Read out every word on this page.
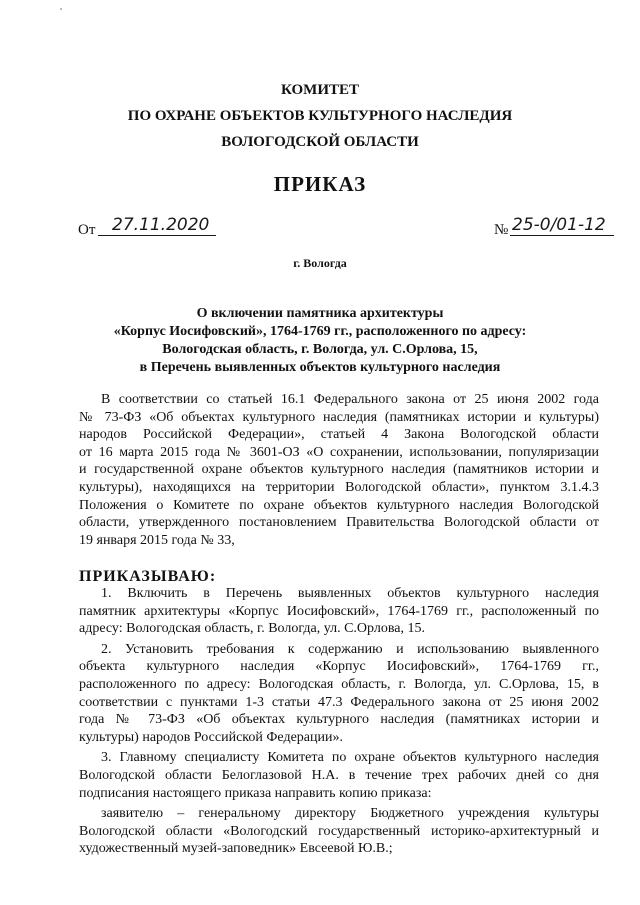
КОМИТЕТ
ПО ОХРАНЕ ОБЪЕКТОВ КУЛЬТУРНОГО НАСЛЕДИЯ
ВОЛОГОДСКОЙ ОБЛАСТИ
ПРИКАЗ
От 27.11.2020	№ 25-0/01-12
г. Вологда
О включении памятника архитектуры
«Корпус Иосифовский», 1764-1769 гг., расположенного по адресу:
Вологодская область, г. Вологда, ул. С.Орлова, 15,
в Перечень выявленных объектов культурного наследия
В соответствии со статьей 16.1 Федерального закона от 25 июня 2002 года
№ 73-ФЗ «Об объектах культурного наследия (памятниках истории и культуры)
народов Российской Федерации», статьей 4 Закона Вологодской области
от 16 марта 2015 года № 3601-ОЗ «О сохранении, использовании, популяризации
и государственной охране объектов культурного наследия (памятников истории и
культуры), находящихся на территории Вологодской области», пунктом 3.1.4.3
Положения о Комитете по охране объектов культурного наследия Вологодской
области, утвержденного постановлением Правительства Вологодской области от
19 января 2015 года № 33,
ПРИКАЗЫВАЮ:
1. Включить в Перечень выявленных объектов культурного наследия
памятник архитектуры «Корпус Иосифовский», 1764-1769 гг., расположенный по
адресу: Вологодская область, г. Вологда, ул. С.Орлова, 15.
2. Установить требования к содержанию и использованию выявленного
объекта культурного наследия «Корпус Иосифовский», 1764-1769 гг.,
расположенного по адресу: Вологодская область, г. Вологда, ул. С.Орлова, 15, в
соответствии с пунктами 1-3 статьи 47.3 Федерального закона от 25 июня 2002
года № 73-ФЗ «Об объектах культурного наследия (памятниках истории и
культуры) народов Российской Федерации».
3. Главному специалисту Комитета по охране объектов культурного наследия
Вологодской области Белоглазовой Н.А. в течение трех рабочих дней со дня
подписания настоящего приказа направить копию приказа:
заявителю – генеральному директору Бюджетного учреждения культуры
Вологодской области «Вологодский государственный историко-архитектурный и
художественный музей-заповедник» Евсеевой Ю.В.;
